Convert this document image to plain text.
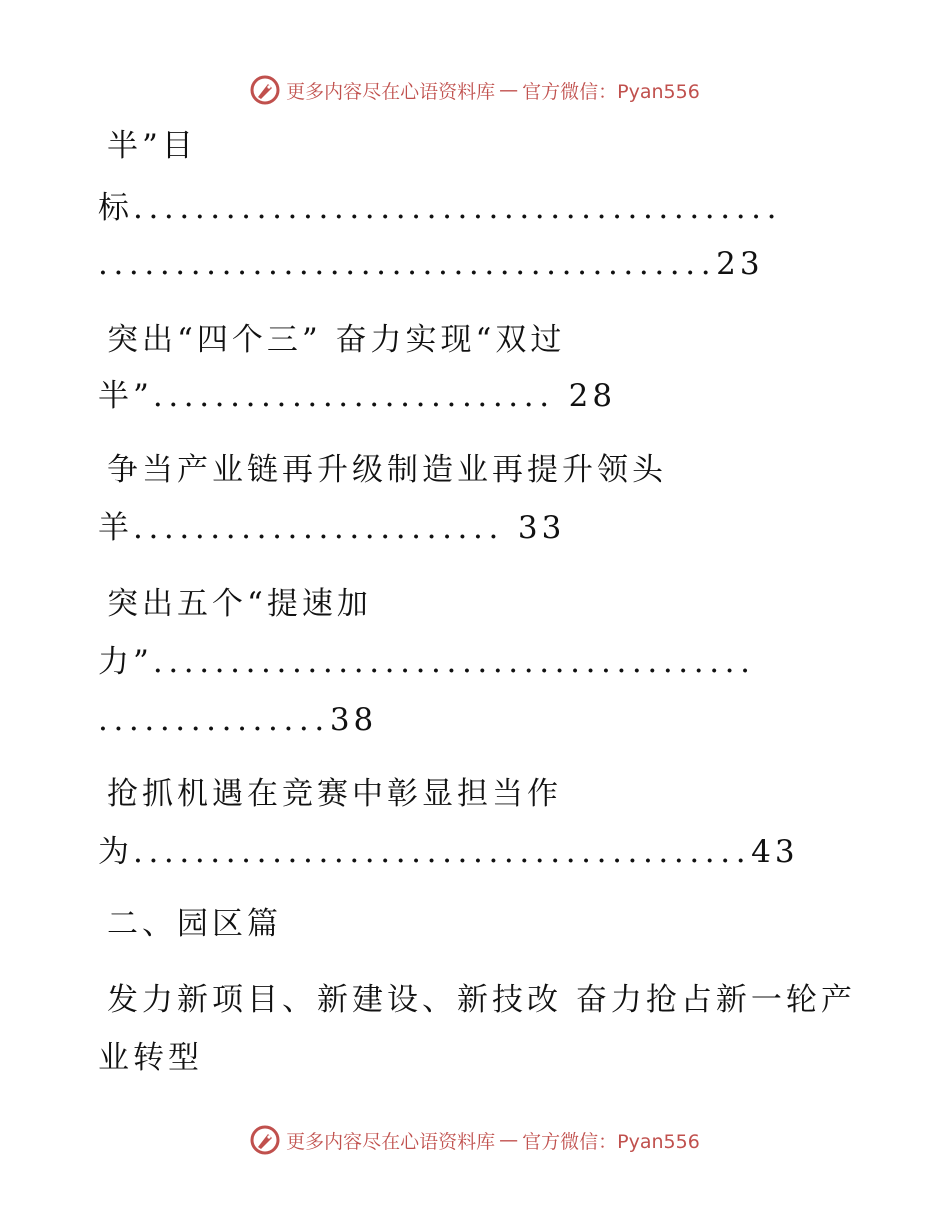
更多内容尽在心语资料库 — 官方微信：Pyan556
半”目
标..........................................
........................................23
突出“四个三” 奋力实现“双过
半”.......................... 28
争当产业链再升级制造业再提升领头
羊........................ 33
突出五个“提速加
力”.......................................
...............38
抢抓机遇在竞赛中彰显担当作
为........................................43
二、园区篇
发力新项目、新建设、新技改 奋力抢占新一轮产
业转型
更多内容尽在心语资料库 — 官方微信：Pyan556
